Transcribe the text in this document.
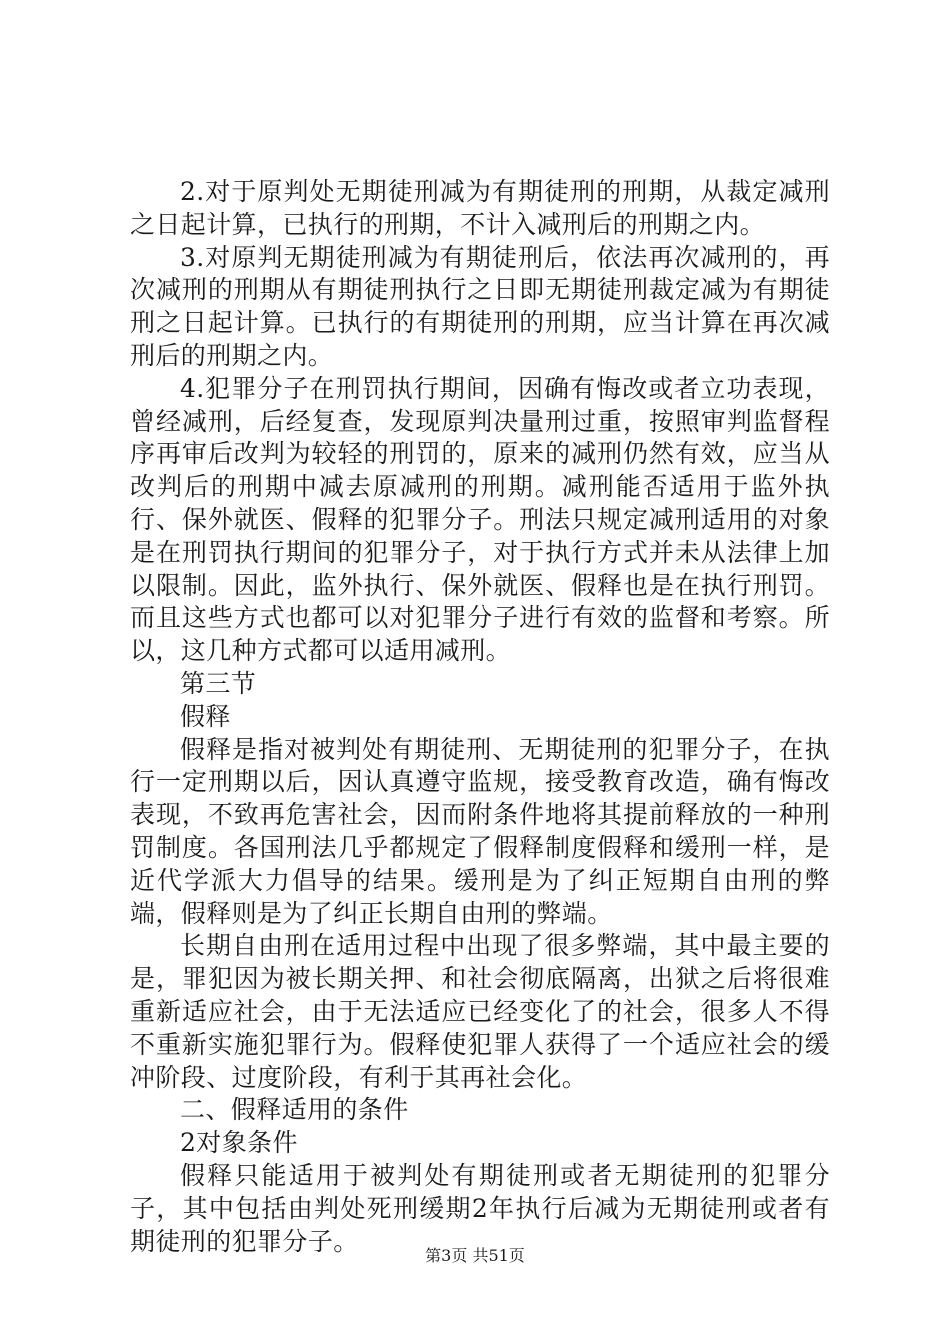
2.对于原判处无期徒刑减为有期徒刑的刑期，从裁定减刑之日起计算，已执行的刑期，不计入减刑后的刑期之内。

3.对原判无期徒刑减为有期徒刑后，依法再次减刑的，再次减刑的刑期从有期徒刑执行之日即无期徒刑裁定减为有期徒刑之日起计算。已执行的有期徒刑的刑期，应当计算在再次减刑后的刑期之内。

4.犯罪分子在刑罚执行期间，因确有悔改或者立功表现，曾经减刑，后经复查，发现原判决量刑过重，按照审判监督程序再审后改判为较轻的刑罚的，原来的减刑仍然有效，应当从改判后的刑期中减去原减刑的刑期。减刑能否适用于监外执行、保外就医、假释的犯罪分子。刑法只规定减刑适用的对象是在刑罚执行期间的犯罪分子，对于执行方式并未从法律上加以限制。因此，监外执行、保外就医、假释也是在执行刑罚。而且这些方式也都可以对犯罪分子进行有效的监督和考察。所以，这几种方式都可以适用减刑。

第三节

假释

假释是指对被判处有期徒刑、无期徒刑的犯罪分子，在执行一定刑期以后，因认真遵守监规，接受教育改造，确有悔改表现，不致再危害社会，因而附条件地将其提前释放的一种刑罚制度。各国刑法几乎都规定了假释制度假释和缓刑一样，是近代学派大力倡导的结果。缓刑是为了纠正短期自由刑的弊端，假释则是为了纠正长期自由刑的弊端。

长期自由刑在适用过程中出现了很多弊端，其中最主要的是，罪犯因为被长期关押、和社会彻底隔离，出狱之后将很难重新适应社会，由于无法适应已经变化了的社会，很多人不得不重新实施犯罪行为。假释使犯罪人获得了一个适应社会的缓冲阶段、过度阶段，有利于其再社会化。

二、假释适用的条件

2对象条件

假释只能适用于被判处有期徒刑或者无期徒刑的犯罪分子，其中包括由判处死刑缓期2年执行后减为无期徒刑或者有期徒刑的犯罪分子。	第3页 共51页
